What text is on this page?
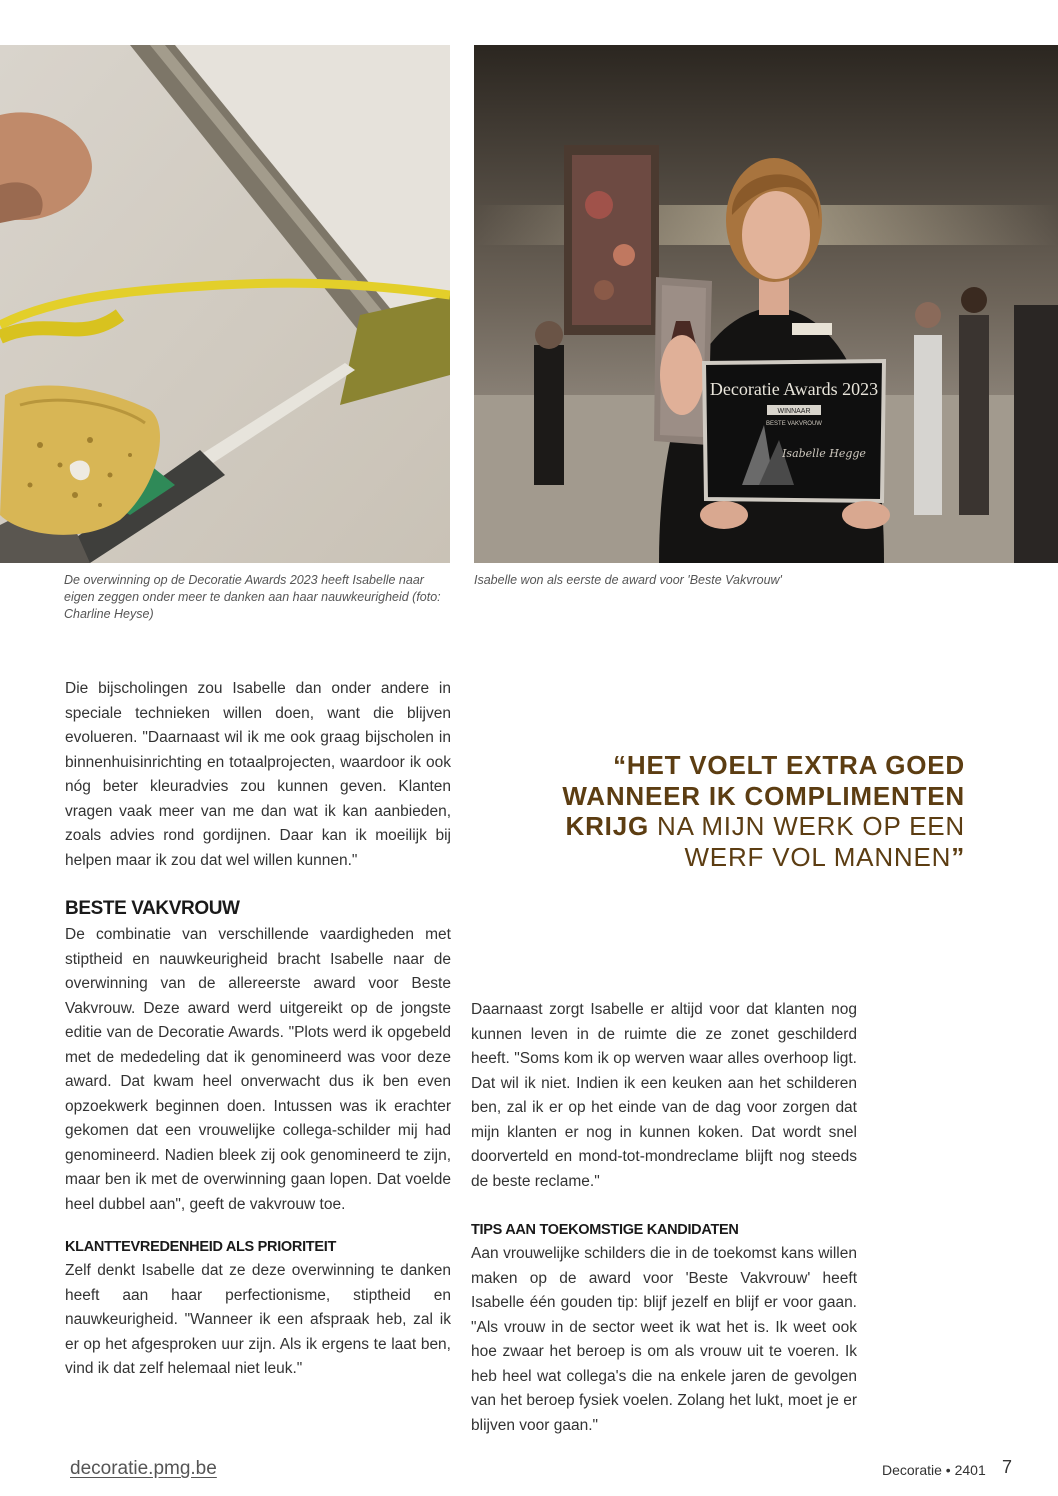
Decoratie Awards 2023
WINNAAR
BESTE VAKVROUW
Isabelle Hegge
De overwinning op de Decoratie Awards 2023 heeft Isabelle naar eigen zeggen onder meer te danken aan haar nauwkeurigheid (foto: Charline Heyse)
Isabelle won als eerste de award voor 'Beste Vakvrouw'

Die bijscholingen zou Isabelle dan onder andere in speciale technieken willen doen, want die blijven evolueren. "Daarnaast wil ik me ook graag bijscholen in binnenhuisinrichting en totaalprojecten, waardoor ik ook nóg beter kleuradvies zou kunnen geven. Klanten vragen vaak meer van me dan wat ik kan aanbieden, zoals advies rond gordijnen. Daar kan ik moeilijk bij helpen maar ik zou dat wel willen kunnen."

BESTE VAKVROUW

De combinatie van verschillende vaardigheden met stiptheid en nauwkeurigheid bracht Isabelle naar de overwinning van de allereerste award voor Beste Vakvrouw. Deze award werd uitgereikt op de jongste editie van de Decoratie Awards. "Plots werd ik opgebeld met de mededeling dat ik genomineerd was voor deze award. Dat kwam heel onverwacht dus ik ben even opzoekwerk beginnen doen. Intussen was ik erachter gekomen dat een vrouwelijke collega-schilder mij had genomineerd. Nadien bleek zij ook genomineerd te zijn, maar ben ik met de overwinning gaan lopen. Dat voelde heel dubbel aan", geeft de vakvrouw toe.

KLANTTEVREDENHEID ALS PRIORITEIT

Zelf denkt Isabelle dat ze deze overwinning te danken heeft aan haar perfectionisme, stiptheid en nauwkeurigheid. "Wanneer ik een afspraak heb, zal ik er op het afgesproken uur zijn. Als ik ergens te laat ben, vind ik dat zelf helemaal niet leuk."

“HET VOELT EXTRA GOED WANNEER IK COMPLIMENTEN KRIJG NA MIJN WERK OP EEN WERF VOL MANNEN”

Daarnaast zorgt Isabelle er altijd voor dat klanten nog kunnen leven in de ruimte die ze zonet geschilderd heeft. "Soms kom ik op werven waar alles overhoop ligt. Dat wil ik niet. Indien ik een keuken aan het schilderen ben, zal ik er op het einde van de dag voor zorgen dat mijn klanten er nog in kunnen koken. Dat wordt snel doorverteld en mond-tot-mondreclame blijft nog steeds de beste reclame."

TIPS AAN TOEKOMSTIGE KANDIDATEN

Aan vrouwelijke schilders die in de toekomst kans willen maken op de award voor 'Beste Vakvrouw' heeft Isabelle één gouden tip: blijf jezelf en blijf er voor gaan. "Als vrouw in de sector weet ik wat het is. Ik weet ook hoe zwaar het beroep is om als vrouw uit te voeren. Ik heb heel wat collega's die na enkele jaren de gevolgen van het beroep fysiek voelen. Zolang het lukt, moet je er blijven voor gaan."

decoratie.pmg.be	Decoratie • 2401 7
